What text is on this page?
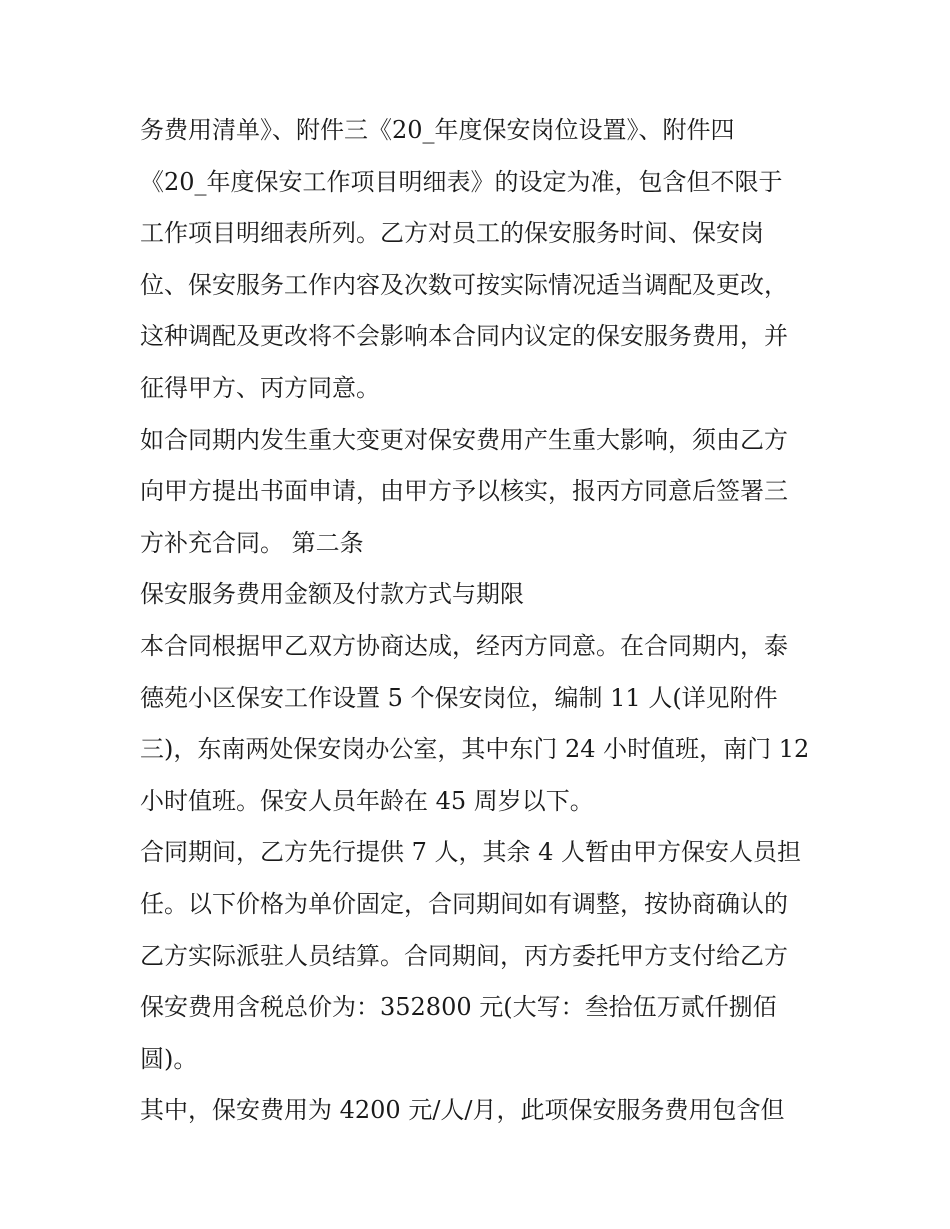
务费用清单》、附件三《20_年度保安岗位设置》、附件四
《20_年度保安工作项目明细表》的设定为准，包含但不限于
工作项目明细表所列。乙方对员工的保安服务时间、保安岗
位、保安服务工作内容及次数可按实际情况适当调配及更改，
这种调配及更改将不会影响本合同内议定的保安服务费用，并
征得甲方、丙方同意。
如合同期内发生重大变更对保安费用产生重大影响，须由乙方
向甲方提出书面申请，由甲方予以核实，报丙方同意后签署三
方补充合同。 第二条
保安服务费用金额及付款方式与期限
本合同根据甲乙双方协商达成，经丙方同意。在合同期内，泰
德苑小区保安工作设置 5 个保安岗位，编制 11 人(详见附件
三)，东南两处保安岗办公室，其中东门 24 小时值班，南门 12
小时值班。保安人员年龄在 45 周岁以下。
合同期间，乙方先行提供 7 人，其余 4 人暂由甲方保安人员担
任。以下价格为单价固定，合同期间如有调整，按协商确认的
乙方实际派驻人员结算。合同期间，丙方委托甲方支付给乙方
保安费用含税总价为：352800 元(大写：叁拾伍万贰仟捌佰
圆)。
其中，保安费用为 4200 元/人/月，此项保安服务费用包含但
